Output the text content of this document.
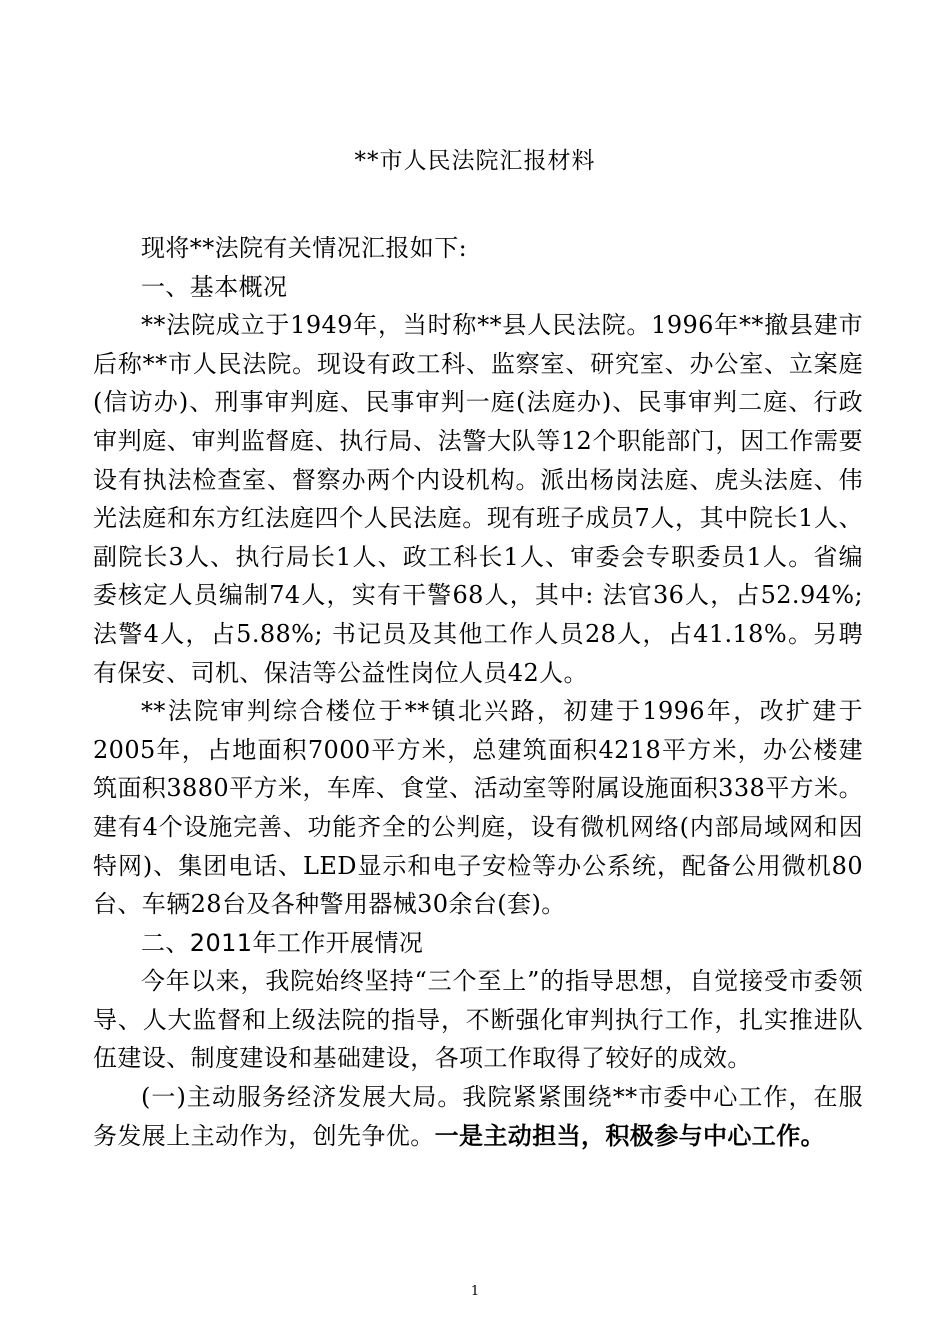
**市人民法院汇报材料

现将**法院有关情况汇报如下:

一、基本概况

**法院成立于1949年，当时称**县人民法院。1996年**撤县建市后称**市人民法院。现设有政工科、监察室、研究室、办公室、立案庭(信访办)、刑事审判庭、民事审判一庭(法庭办)、民事审判二庭、行政审判庭、审判监督庭、执行局、法警大队等12个职能部门，因工作需要设有执法检查室、督察办两个内设机构。派出杨岗法庭、虎头法庭、伟光法庭和东方红法庭四个人民法庭。现有班子成员7人，其中院长1人、副院长3人、执行局长1人、政工科长1人、审委会专职委员1人。省编委核定人员编制74人，实有干警68人，其中: 法官36人，占52.94%; 法警4人，占5.88%; 书记员及其他工作人员28人，占41.18%。另聘有保安、司机、保洁等公益性岗位人员42人。

**法院审判综合楼位于**镇北兴路，初建于1996年，改扩建于2005年，占地面积7000平方米，总建筑面积4218平方米，办公楼建筑面积3880平方米，车库、食堂、活动室等附属设施面积338平方米。建有4个设施完善、功能齐全的公判庭，设有微机网络(内部局域网和因特网)、集团电话、LED显示和电子安检等办公系统，配备公用微机80台、车辆28台及各种警用器械30余台(套)。

二、2011年工作开展情况

今年以来，我院始终坚持“三个至上”的指导思想，自觉接受市委领导、人大监督和上级法院的指导，不断强化审判执行工作，扎实推进队伍建设、制度建设和基础建设，各项工作取得了较好的成效。

(一)主动服务经济发展大局。我院紧紧围绕**市委中心工作，在服务发展上主动作为，创先争优。一是主动担当，积极参与中心工作。

1
